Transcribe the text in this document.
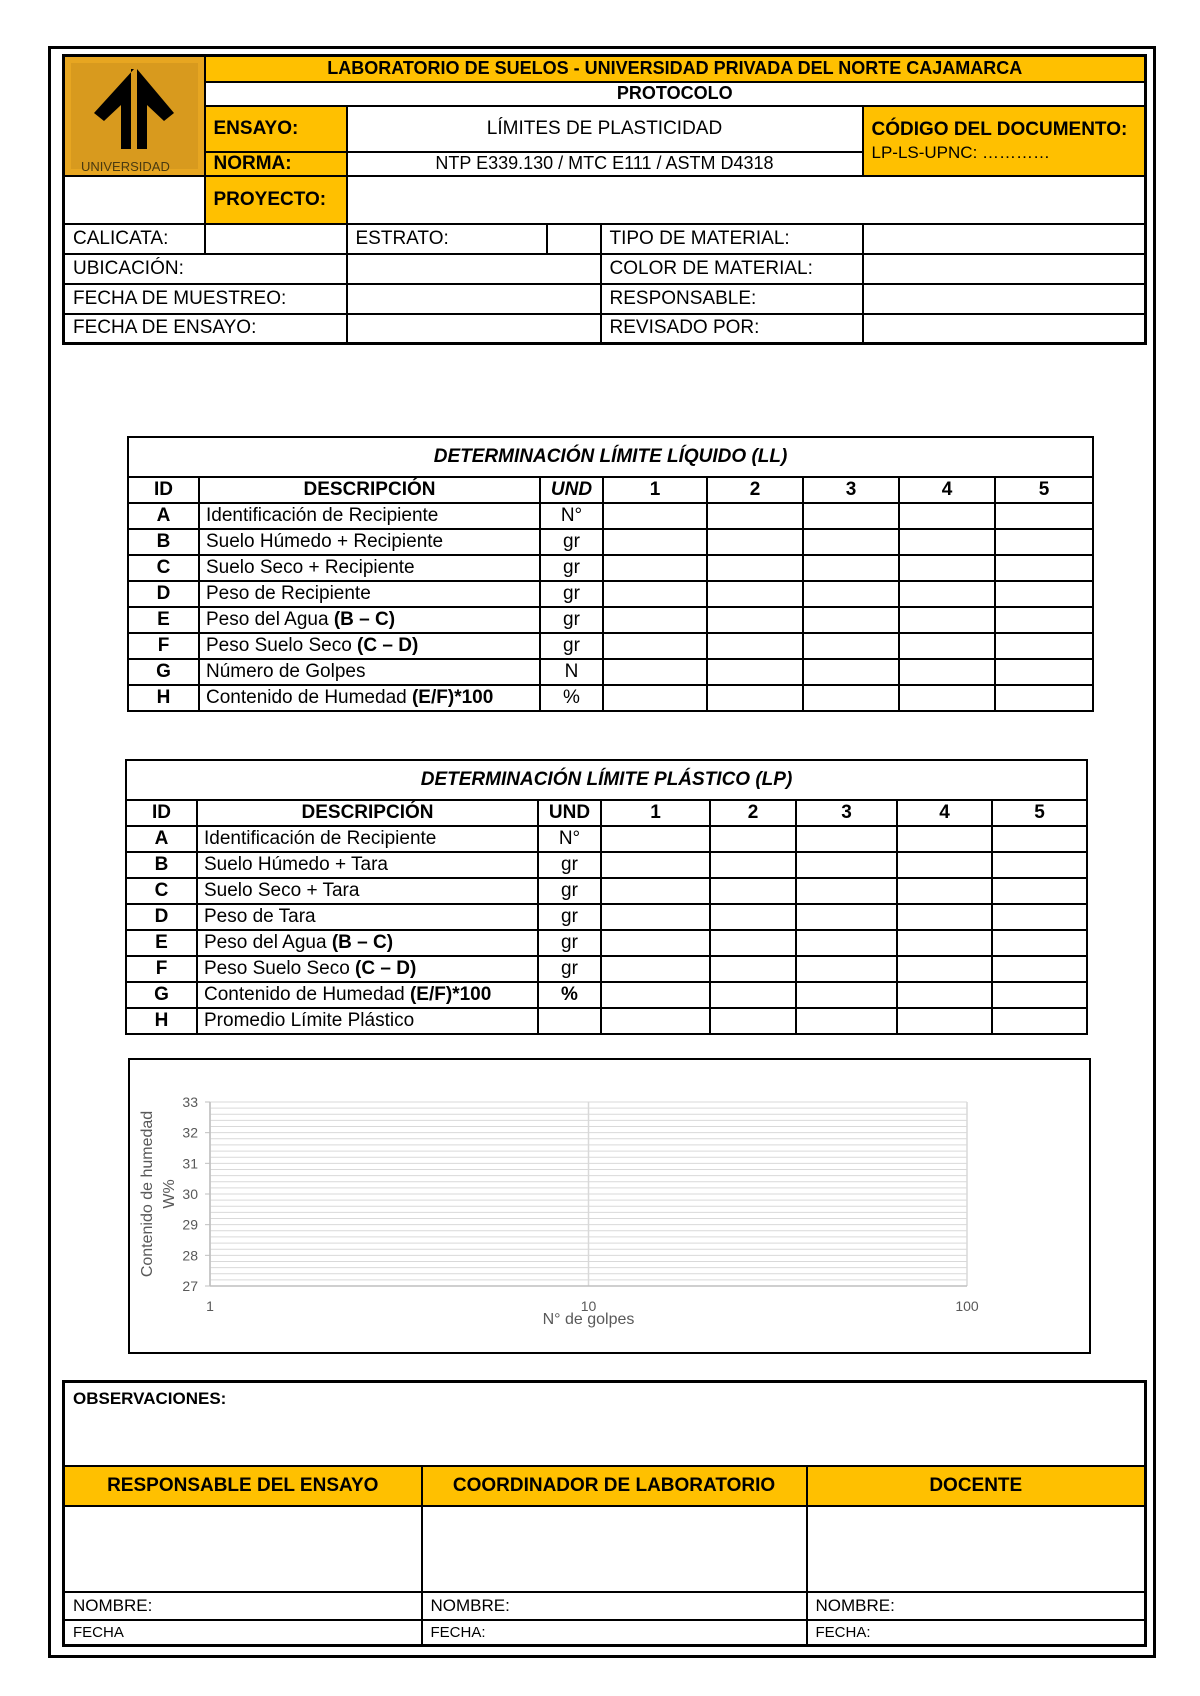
UNIVERSIDAD
PRIVADA
DEL NORTE	LABORATORIO DE SUELOS - UNIVERSIDAD PRIVADA DEL NORTE CAJAMARCA				
	PROTOCOLO				
	ENSAYO:	LÍMITES DE PLASTICIDAD			CÓDIGO DEL DOCUMENTO:
LP-LS-UPNC: …………

	NORMA:	NTP E339.130 / MTC E111 / ASTM D4318			
	PROYECTO:				
CALICATA:		ESTRATO:		TIPO DE MATERIAL:	
UBICACIÓN:				COLOR DE MATERIAL:	
FECHA DE MUESTREO:				RESPONSABLE:	
FECHA DE ENSAYO:				REVISADO POR:	
DETERMINACIÓN LÍMITE LÍQUIDO (LL)							
ID	DESCRIPCIÓN	UND	1	2	3	4	5
A	Identificación de Recipiente	N°					
B	Suelo Húmedo + Recipiente	gr					
C	Suelo Seco + Recipiente	gr					
D	Peso de Recipiente	gr					
E	Peso del Agua (B – C)	gr					
F	Peso Suelo Seco (C – D)	gr					
G	Número de Golpes	N					
H	Contenido de Humedad (E/F)*100	%					
DETERMINACIÓN LÍMITE PLÁSTICO (LP)							
ID	DESCRIPCIÓN	UND	1	2	3	4	5
A	Identificación de Recipiente	N°					
B	Suelo Húmedo + Tara	gr					
C	Suelo Seco + Tara	gr					
D	Peso de Tara	gr					
E	Peso del Agua (B – C)	gr					
F	Peso Suelo Seco (C – D)	gr					
G	Contenido de Humedad (E/F)*100	%					
H	Promedio Límite Plástico						
27
28
29
30
31
32
33
1	10	100
N° de golpes
Contenido de humedad W%
OBSERVACIONES:		
RESPONSABLE DEL ENSAYO	COORDINADOR DE LABORATORIO	DOCENTE

NOMBRE:	NOMBRE:	NOMBRE:
FECHA	FECHA:	FECHA:
